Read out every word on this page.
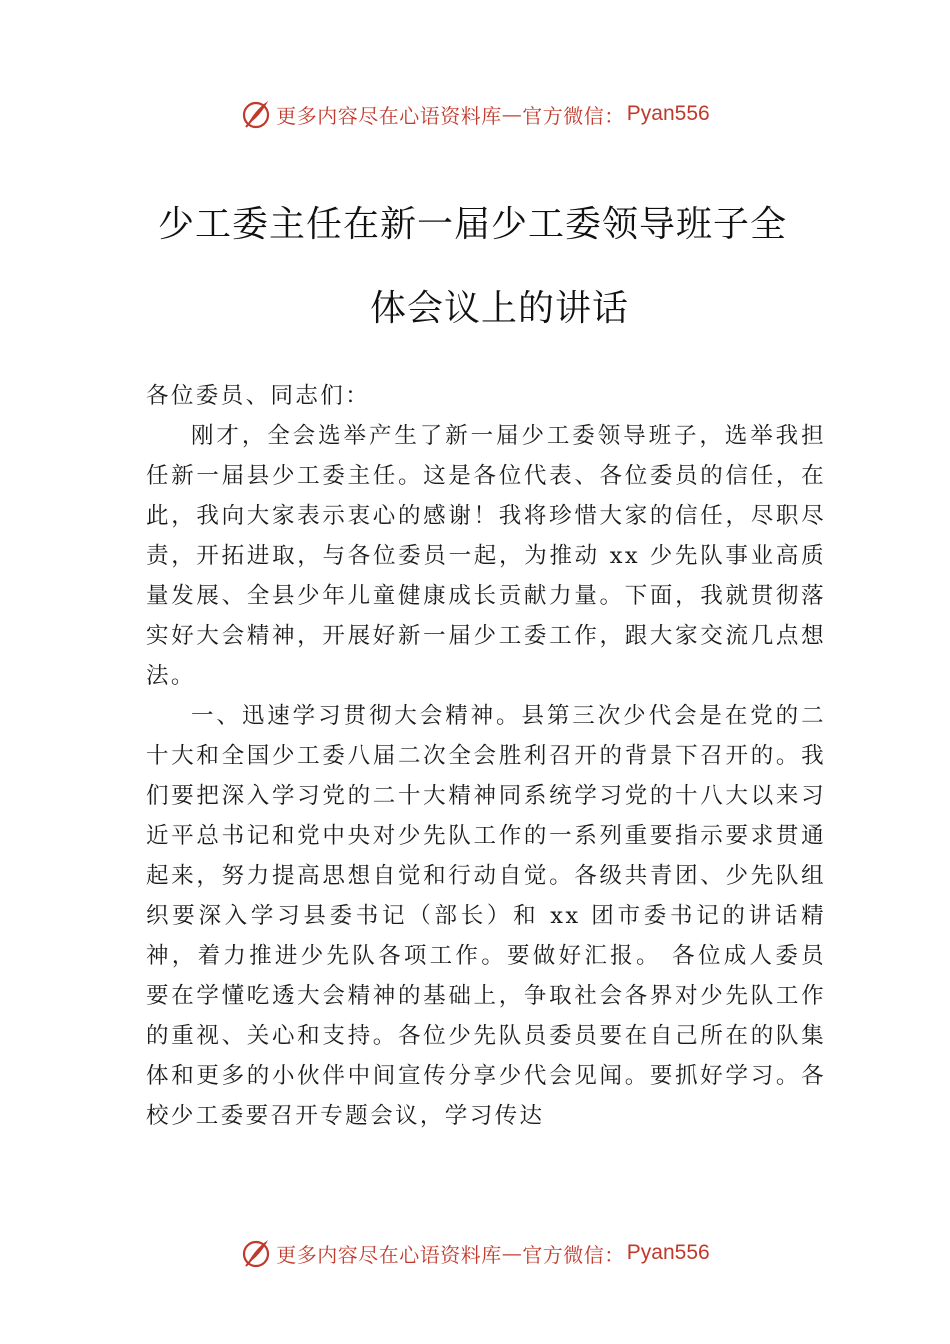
更多内容尽在心语资料库 — 官方微信： Pyan556
少工委主任在新一届少工委领导班子全
体会议上的讲话

各位委员、同志们：

刚才，全会选举产生了新一届少工委领导班子，选举我担任新一届县少工委主任。这是各位代表、各位委员的信任，在此，我向大家表示衷心的感谢！我将珍惜大家的信任，尽职尽责，开拓进取，与各位委员一起，为推动 xx 少先队事业高质量发展、全县少年儿童健康成长贡献力量。下面，我就贯彻落实好大会精神，开展好新一届少工委工作，跟大家交流几点想法。

一、迅速学习贯彻大会精神。县第三次少代会是在党的二十大和全国少工委八届二次全会胜利召开的背景下召开的。我们要把深入学习党的二十大精神同系统学习党的十八大以来习近平总书记和党中央对少先队工作的一系列重要指示要求贯通起来，努力提高思想自觉和行动自觉。各级共青团、少先队组织要深入学习县委书记（部长）和 xx 团市委书记的讲话精神，着力推进少先队各项工作。要做好汇报。 各位成人委员要在学懂吃透大会精神的基础上，争取社会各界对少先队工作的重视、关心和支持。各位少先队员委员要在自己所在的队集体和更多的小伙伴中间宣传分享少代会见闻。要抓好学习。各校少工委要召开专题会议，学习传达

更多内容尽在心语资料库 — 官方微信： Pyan556
